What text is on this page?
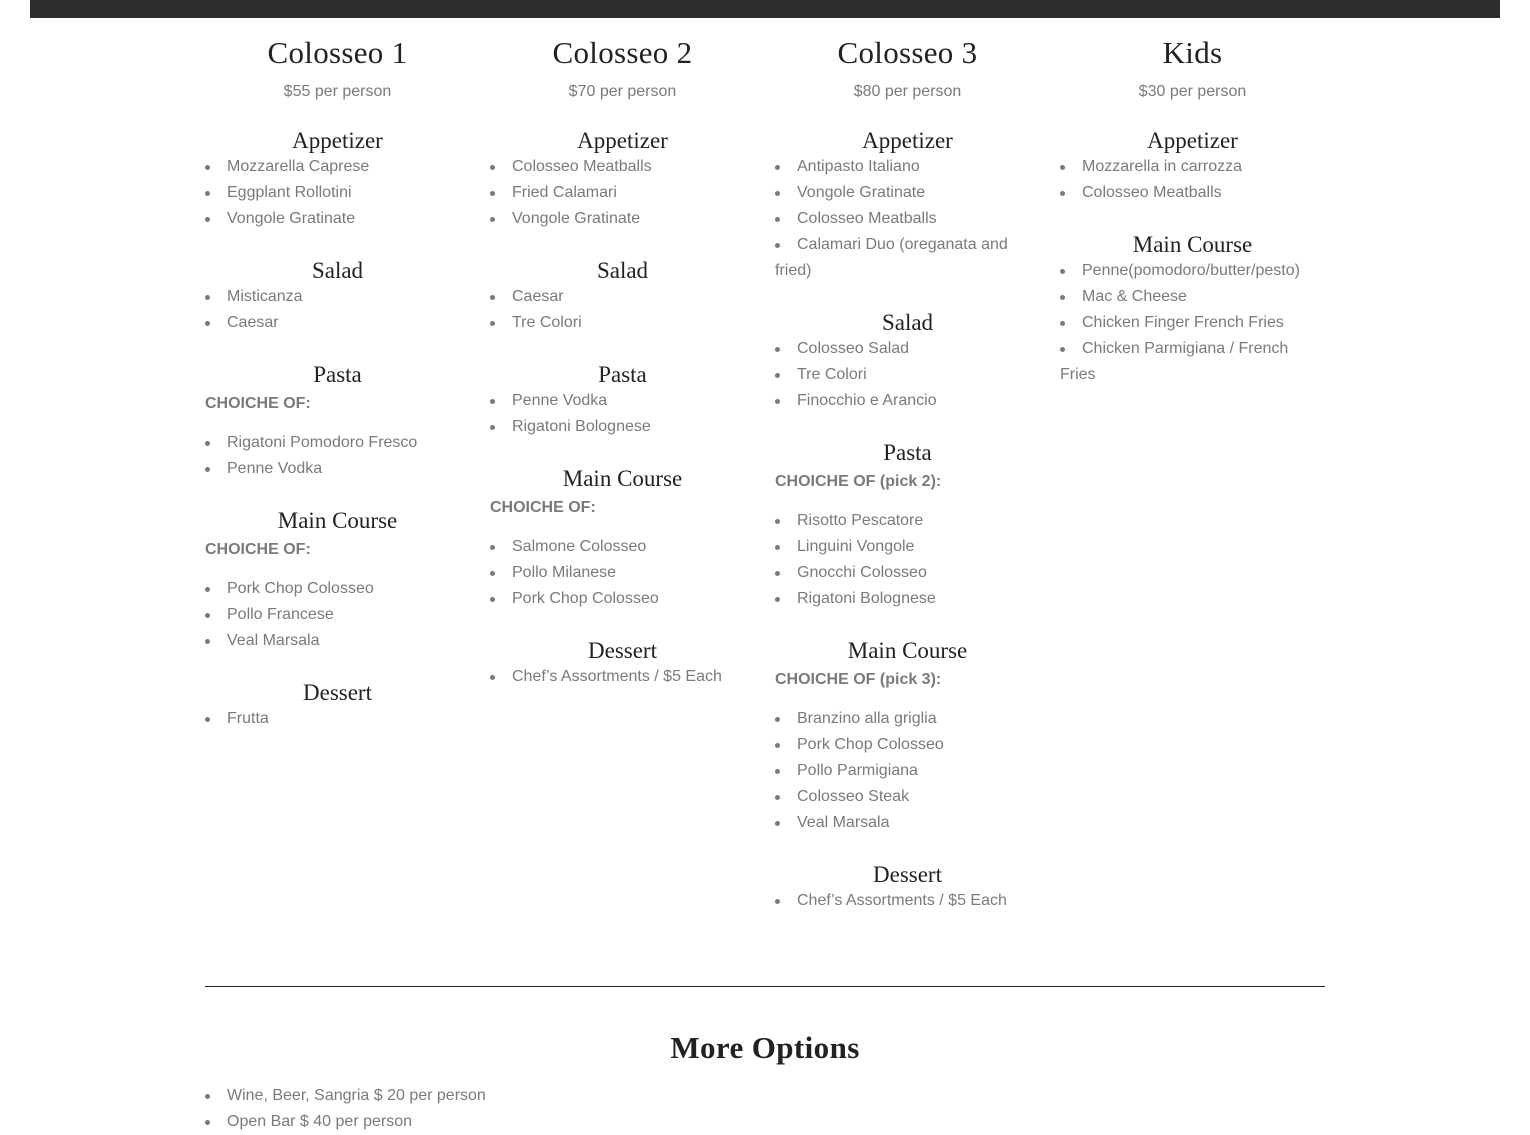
Colosseo 1
$55 per person
Appetizer
Mozzarella Caprese
Eggplant Rollotini
Vongole Gratinate
Salad
Misticanza
Caesar
Pasta
CHOICHE OF:
Rigatoni Pomodoro Fresco
Penne Vodka
Main Course
CHOICHE OF:
Pork Chop Colosseo
Pollo Francese
Veal Marsala
Dessert
Frutta
Colosseo 2
$70 per person
Appetizer
Colosseo Meatballs
Fried Calamari
Vongole Gratinate
Salad
Caesar
Tre Colori
Pasta
Penne Vodka
Rigatoni Bolognese
Main Course
CHOICHE OF:
Salmone Colosseo
Pollo Milanese
Pork Chop Colosseo
Dessert
Chef’s Assortments / $5 Each
Colosseo 3
$80 per person
Appetizer
Antipasto Italiano
Vongole Gratinate
Colosseo Meatballs
Calamari Duo (oreganata and fried)
Salad
Colosseo Salad
Tre Colori
Finocchio e Arancio
Pasta
CHOICHE OF (pick 2):
Risotto Pescatore
Linguini Vongole
Gnocchi Colosseo
Rigatoni Bolognese
Main Course
CHOICHE OF (pick 3):
Branzino alla griglia
Pork Chop Colosseo
Pollo Parmigiana
Colosseo Steak
Veal Marsala
Dessert
Chef’s Assortments / $5 Each
Kids
$30 per person
Appetizer
Mozzarella in carrozza
Colosseo Meatballs
Main Course
Penne(pomodoro/butter/pesto)
Mac & Cheese
Chicken Finger French Fries
Chicken Parmigiana / French Fries
More Options
Wine, Beer, Sangria $ 20 per person
Open Bar $ 40 per person
